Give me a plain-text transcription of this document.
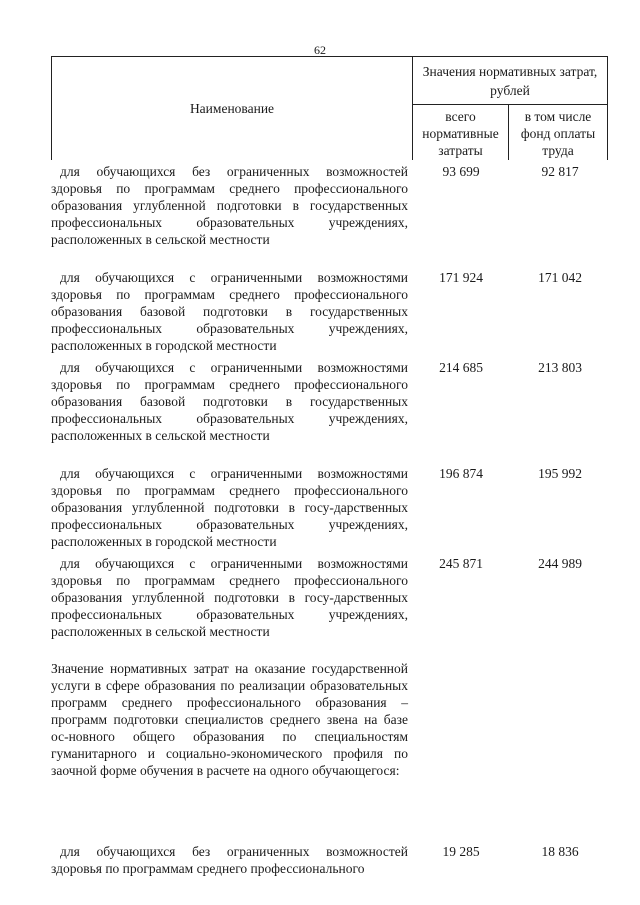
62
Наименование
Значения нормативных затрат, рублей
всего нормативные затраты
в том числе фонд оплаты труда
для обучающихся без ограниченных возможностей здоровья по программам среднего профессионального образования углубленной подготовки в государственных профессиональных образовательных учреждениях, расположенных в сельской местности
93 699	92 817
для обучающихся с ограниченными возможностями здоровья по программам среднего профессионального образования базовой подготовки в государственных профессиональных образовательных учреждениях, расположенных в городской местности
171 924	171 042
для обучающихся с ограниченными возможностями здоровья по программам среднего профессионального образования базовой подготовки в государственных профессиональных образовательных учреждениях, расположенных в сельской местности
214 685	213 803
для обучающихся с ограниченными возможностями здоровья по программам среднего профессионального образования углубленной подготовки в госу-дарственных профессиональных образовательных учреждениях, расположенных в городской местности
196 874	195 992
для обучающихся с ограниченными возможностями здоровья по программам среднего профессионального образования углубленной подготовки в госу-дарственных профессиональных образовательных учреждениях, расположенных в сельской местности
245 871	244 989
Значение нормативных затрат на оказание государственной услуги в сфере образования по реализации образовательных программ среднего профессионального образования – программ подготовки специалистов среднего звена на базе ос-новного общего образования по специальностям гуманитарного и социально-экономического профиля по заочной форме обучения в расчете на одного обучающегося:
для обучающихся без ограниченных возможностей здоровья по программам среднего профессионального
19 285	18 836
